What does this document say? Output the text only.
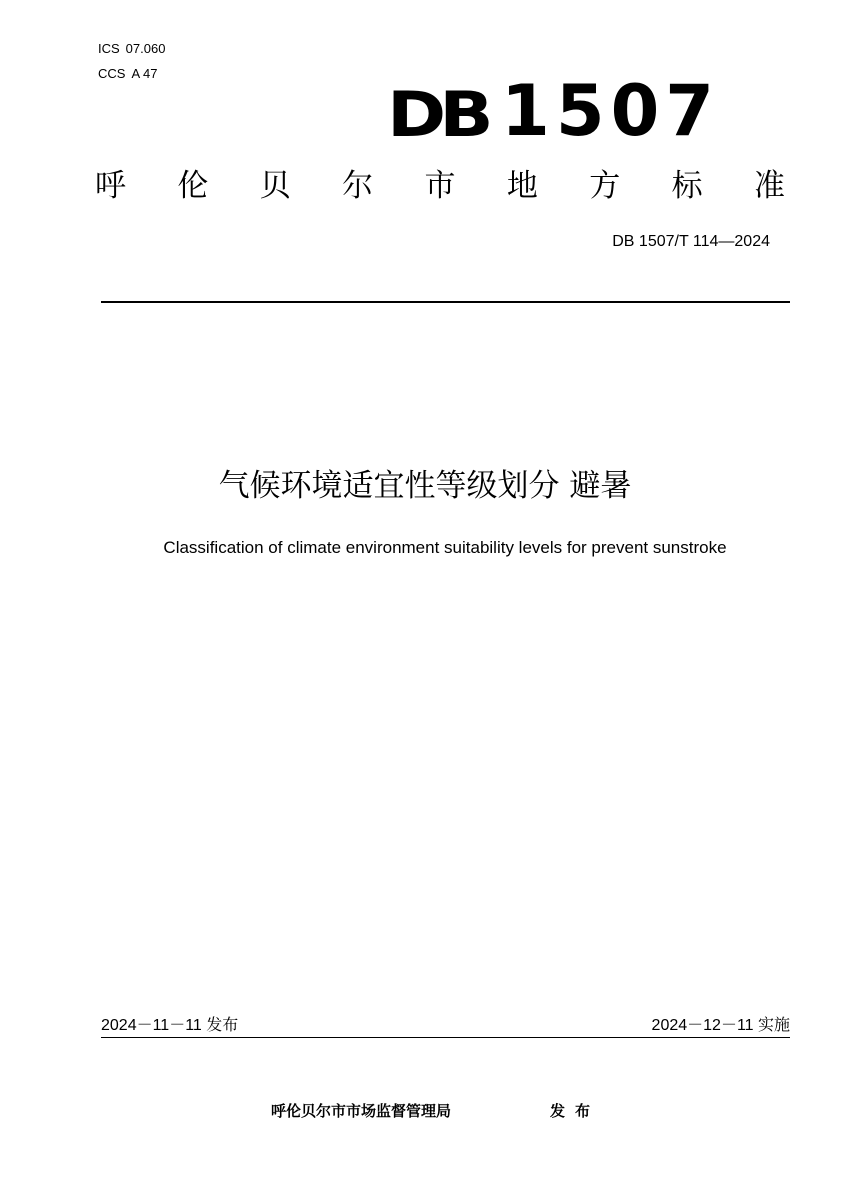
ICS 07.060
CCS A 47
DB 1507
呼 伦 贝 尔 市 地 方 标 准
DB 1507/T 114—2024
气候环境适宜性等级划分 避暑
Classification of climate environment suitability levels for prevent sunstroke
2024－11－11 发布	2024－12－11 实施
呼伦贝尔市市场监督管理局	发布
